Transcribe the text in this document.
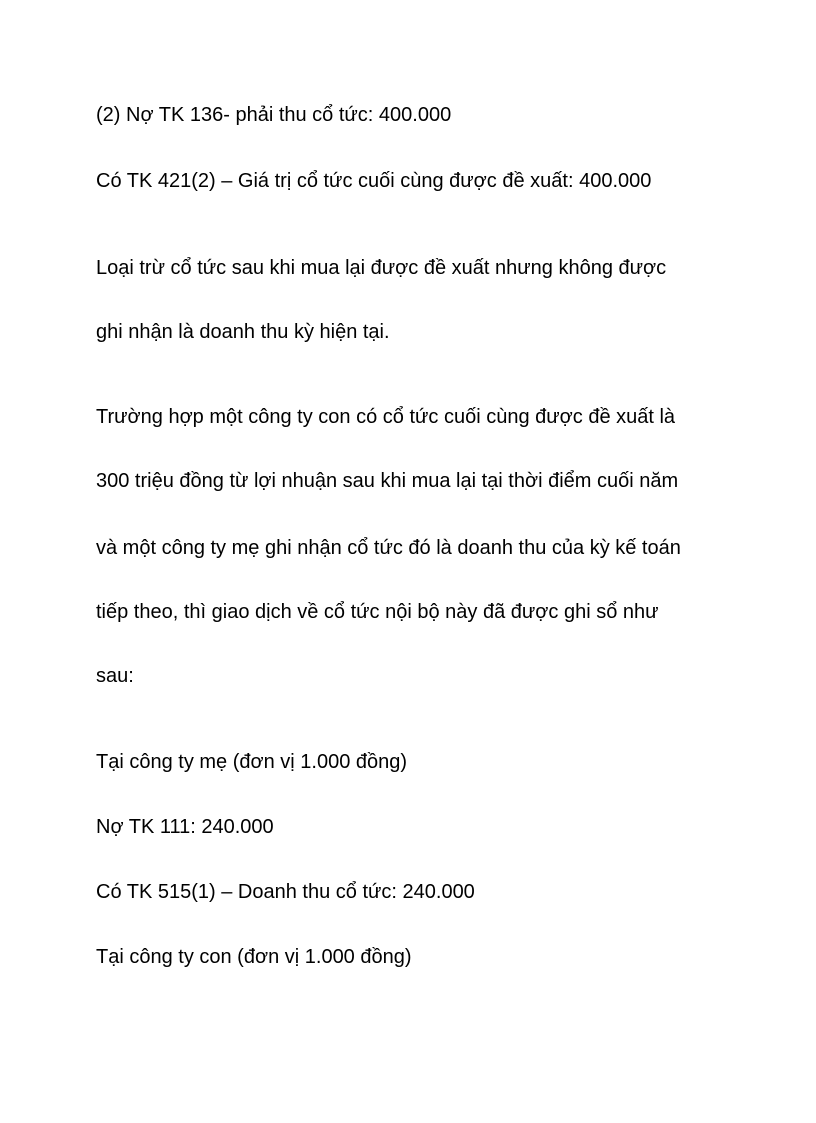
(2) Nợ TK 136- phải thu cổ tức: 400.000

Có TK 421(2) – Giá trị cổ tức cuối cùng được đề xuất: 400.000

Loại trừ cổ tức sau khi mua lại được đề xuất nhưng không được

ghi nhận là doanh thu kỳ hiện tại.

Trường hợp một công ty con có cổ tức cuối cùng được đề xuất là

300 triệu đồng từ lợi nhuận sau khi mua lại tại thời điểm cuối năm

và một công ty mẹ ghi nhận cổ tức đó là doanh thu của kỳ kế toán

tiếp theo, thì giao dịch về cổ tức nội bộ này đã được ghi sổ như

sau:

Tại công ty mẹ (đơn vị 1.000 đồng)

Nợ TK 111: 240.000

Có TK 515(1) – Doanh thu cổ tức: 240.000

Tại công ty con (đơn vị 1.000 đồng)
